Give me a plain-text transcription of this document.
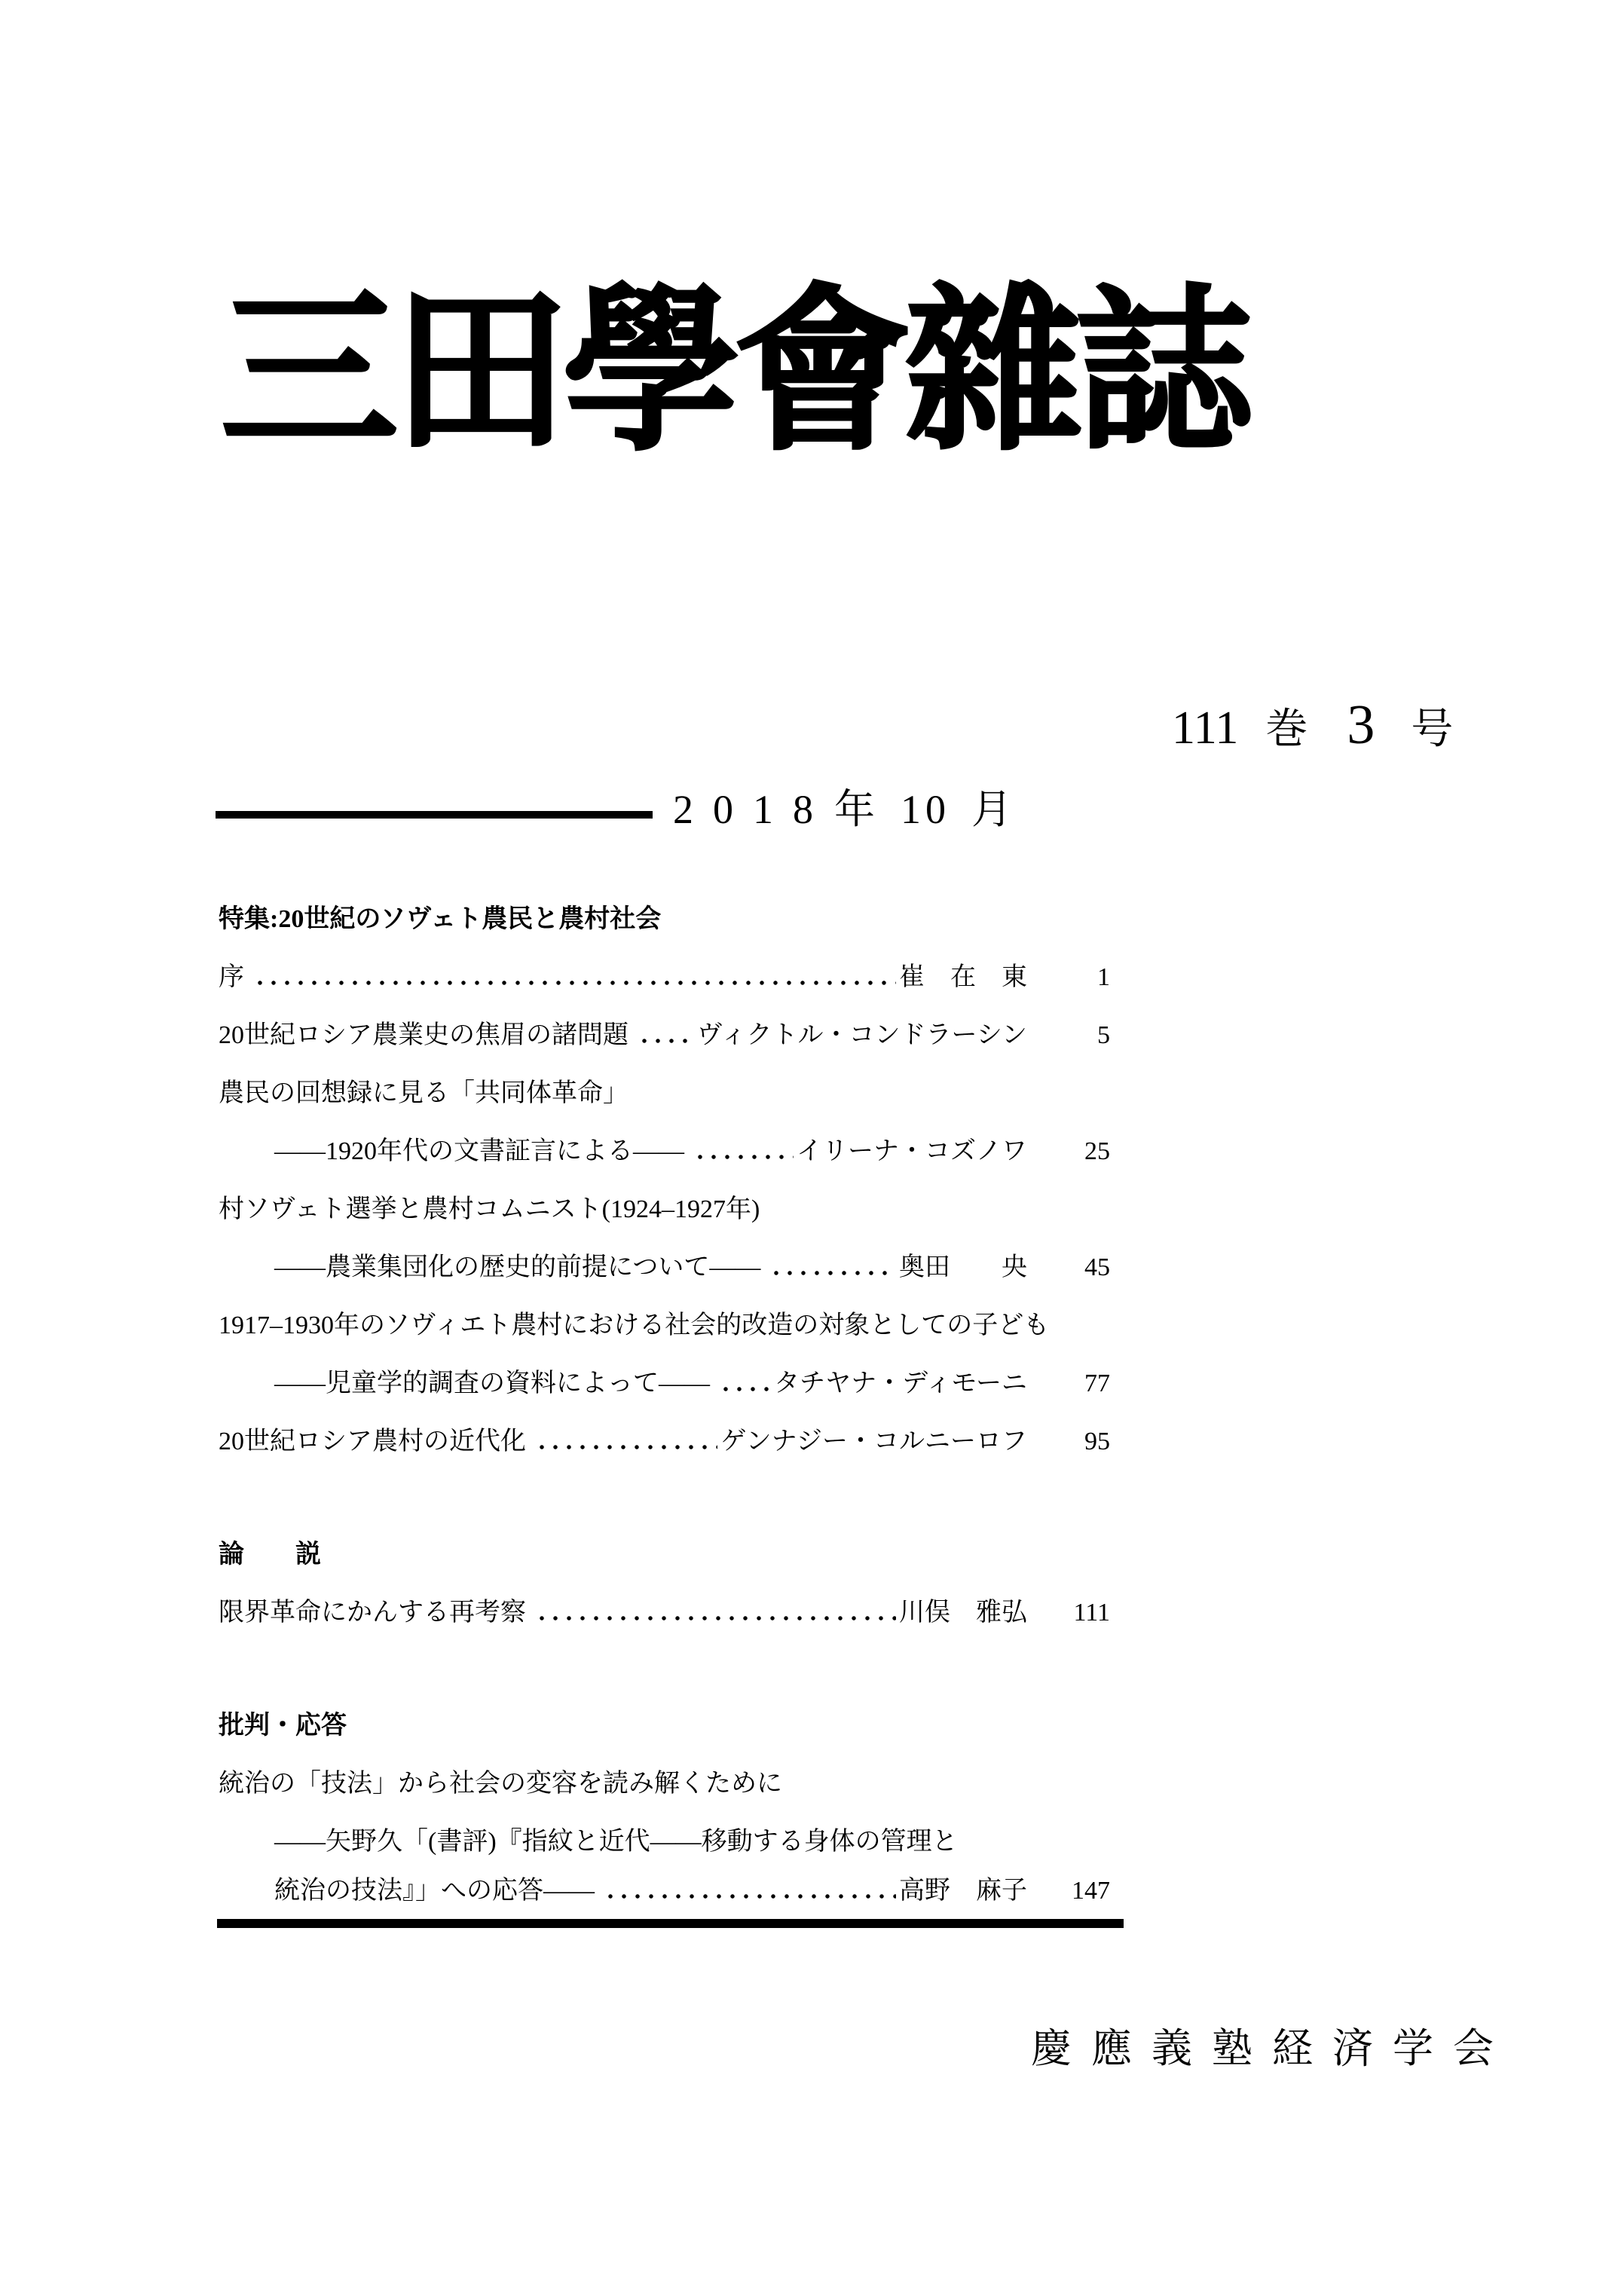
三田學會雜誌
111 巻 3 号
2018 年 10 月
特集:20世紀のソヴェト農民と農村社会
序	崔　在　東	1
20世紀ロシア農業史の焦眉の諸問題	ヴィクトル・コンドラーシン	5
農民の回想録に見る「共同体革命」
――1920年代の文書証言による――	イリーナ・コズノワ	25
村ソヴェト選挙と農村コムニスト(1924–1927年)
――農業集団化の歴史的前提について――	奥田　　央	45
1917–1930年のソヴィエト農村における社会的改造の対象としての子ども
――児童学的調査の資料によって――	タチヤナ・ディモーニ	77
20世紀ロシア農村の近代化	ゲンナジー・コルニーロフ	95
論　　説
限界革命にかんする再考察	川俣　雅弘	111
批判・応答
統治の「技法」から社会の変容を読み解くために
――矢野久「(書評)『指紋と近代――移動する身体の管理と
統治の技法』」への応答――	高野　麻子	147
慶應義塾経済学会
